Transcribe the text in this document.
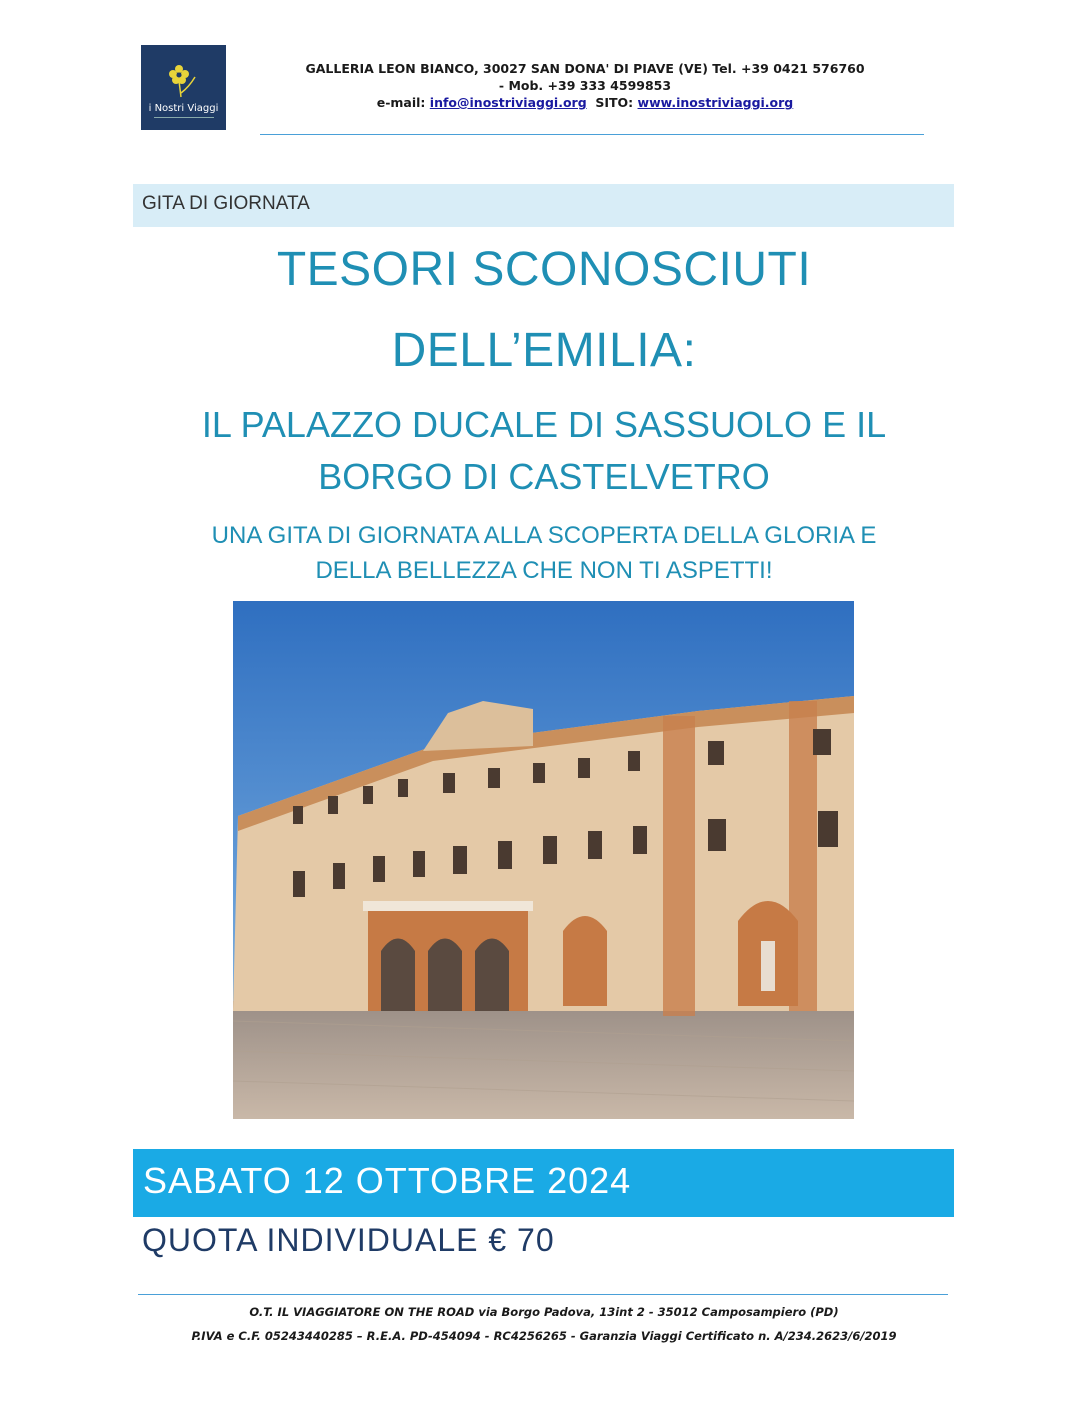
i Nostri Viaggi
GALLERIA LEON BIANCO, 30027 SAN DONA' DI PIAVE (VE) Tel. +39 0421 576760
- Mob. +39 333 4599853
e-mail: info@inostriviaggi.org SITO: www.inostriviaggi.org
GITA DI GIORNATA
TESORI SCONOSCIUTI
DELL’EMILIA:
IL PALAZZO DUCALE DI SASSUOLO E IL
BORGO DI CASTELVETRO
UNA GITA DI GIORNATA ALLA SCOPERTA DELLA GLORIA E
DELLA BELLEZZA CHE NON TI ASPETTI!
SABATO 12 OTTOBRE 2024
QUOTA INDIVIDUALE € 70
O.T. IL VIAGGIATORE ON THE ROAD via Borgo Padova, 13int 2 - 35012 Camposampiero (PD)
P.IVA e C.F. 05243440285 – R.E.A. PD-454094 - RC4256265 - Garanzia Viaggi Certificato n. A/234.2623/6/2019
